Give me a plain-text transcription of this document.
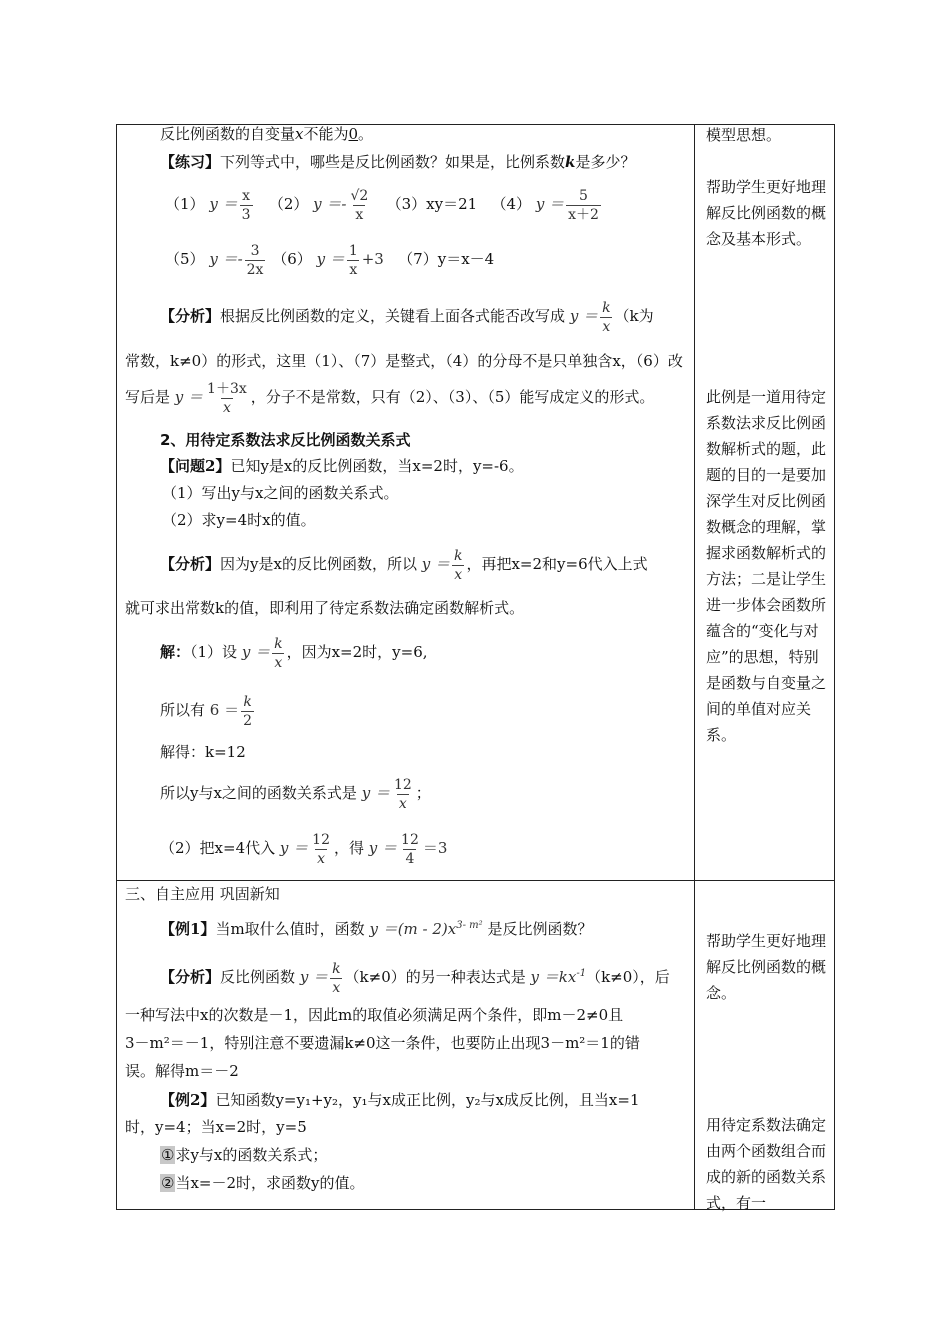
反比例函数的自变量x不能为0。
【练习】下列等式中，哪些是反比例函数？如果是，比例系数k是多少？
（1） $y = \frac{x}{3} (2) y =- \frac{√2}{x} (3)xy=21$ （4） $y = \frac{5}{x+2}$
（5） $y =- \frac{3}{2x} (6) y = \frac{1}{x} +3$ （7）y＝x－4
【分析】根据反比例函数的定义，关键看上面各式能否改写成 $y = \frac{k}{x} (k$为
常数，k≠0）的形式，这里（1）、（7）是整式，（4）的分母不是只单独含x，（6）改
写后是 $y = \frac{1+3x}{x}$ ，分子不是常数，只有（2）、（3）、（5）能写成定义的形式。
2、用待定系数法求反比例函数关系式
【问题2】已知y是x的反比例函数，当x=2时，y=-6。
（1）写出y与x之间的函数关系式。
（2）求y=4时x的值。
【分析】因为y是x的反比例函数，所以 $y = \frac{k}{x}$ ，再把x=2和y=6代入上式
就可求出常数k的值，即利用了待定系数法确定函数解析式。
解：（1）设 $y = \frac{k}{x}$ ，因为x=2时，y=6,
所以有 $6 = \frac{k}{2}$
解得：k=12
所以y与x之间的函数关系式是 $y = \frac{12}{x}$ ；
（2）把x=4代入 $y = \frac{12}{x}$ ，得 $y = \frac{12}{4} =3$
三、自主应用 巩固新知
【例1】当m取什么值时，函数 $y =(m - 2)x^{3- m^2}$ 是反比例函数？
【分析】反比例函数 $y = \frac{k}{x} (k\ne 0)$的另一种表达式是 $y =kx^{-1}(k\ne 0)$，后
一种写法中x的次数是－1，因此m的取值必须满足两个条件，即m－2≠0且
3－m²＝－1，特别注意不要遗漏k≠0这一条件，也要防止出现3－m²＝1的错
误。解得m＝－2
【例2】已知函数y=y₁+y₂，y₁与x成正比例，y₂与x成反比例，且当x=1
时，y=4；当x=2时，y=5
①求y与x的函数关系式；
②当x=－2时，求函数y的值。
模型思想。
帮助学生更好地理解反比例函数的概念及基本形式。
此例是一道用待定系数法求反比例函数解析式的题，此题的目的一是要加深学生对反比例函数概念的理解，掌握求函数解析式的方法；二是让学生进一步体会函数所蕴含的“变化与对应”的思想，特别是函数与自变量之间的单值对应关系。
帮助学生更好地理解反比例函数的概念。
用待定系数法确定由两个函数组合而成的新的函数关系式，有一
